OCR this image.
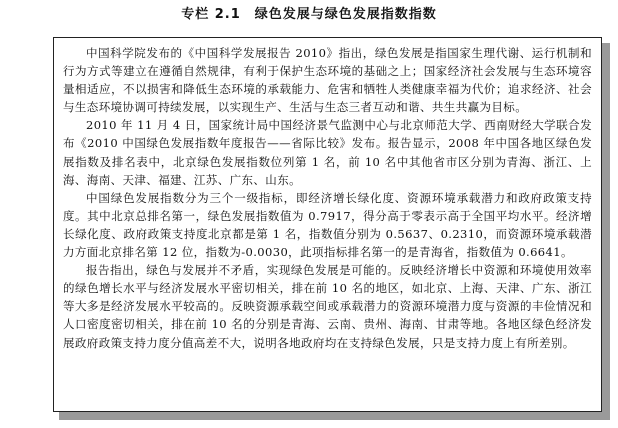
专栏 2.1　绿色发展与绿色发展指数指数

中国科学院发布的《中国科学发展报告 2010》指出，绿色发展是指国家生理代谢、运行机制和行为方式等建立在遵循自然规律，有利于保护生态环境的基础之上；国家经济社会发展与生态环境容量相适应，不以损害和降低生态环境的承载能力、危害和牺牲人类健康幸福为代价；追求经济、社会与生态环境协调可持续发展，以实现生产、生活与生态三者互动和谐、共生共赢为目标。

2010 年 11 月 4 日，国家统计局中国经济景气监测中心与北京师范大学、西南财经大学联合发布《2010 中国绿色发展指数年度报告——省际比较》发布。报告显示，2008 年中国各地区绿色发展指数及排名表中，北京绿色发展指数位列第 1 名，前 10 名中其他省市区分别为青海、浙江、上海、海南、天津、福建、江苏、广东、山东。

中国绿色发展指数分为三个一级指标，即经济增长绿化度、资源环境承载潜力和政府政策支持度。其中北京总排名第一，绿色发展指数值为 0.7917，得分高于零表示高于全国平均水平。经济增长绿化度、政府政策支持度北京都是第 1 名，指数值分别为 0.5637、0.2310，而资源环境承载潜力方面北京排名第 12 位，指数为-0.0030，此项指标排名第一的是青海省，指数值为 0.6641。

报告指出，绿色与发展并不矛盾，实现绿色发展是可能的。反映经济增长中资源和环境使用效率的绿色增长水平与经济发展水平密切相关，排在前 10 名的地区，如北京、上海、天津、广东、浙江等大多是经济发展水平较高的。反映资源承载空间或承载潜力的资源环境潜力度与资源的丰俭情况和人口密度密切相关，排在前 10 名的分别是青海、云南、贵州、海南、甘肃等地。各地区绿色经济发展政府政策支持力度分值高差不大，说明各地政府均在支持绿色发展，只是支持力度上有所差别。
